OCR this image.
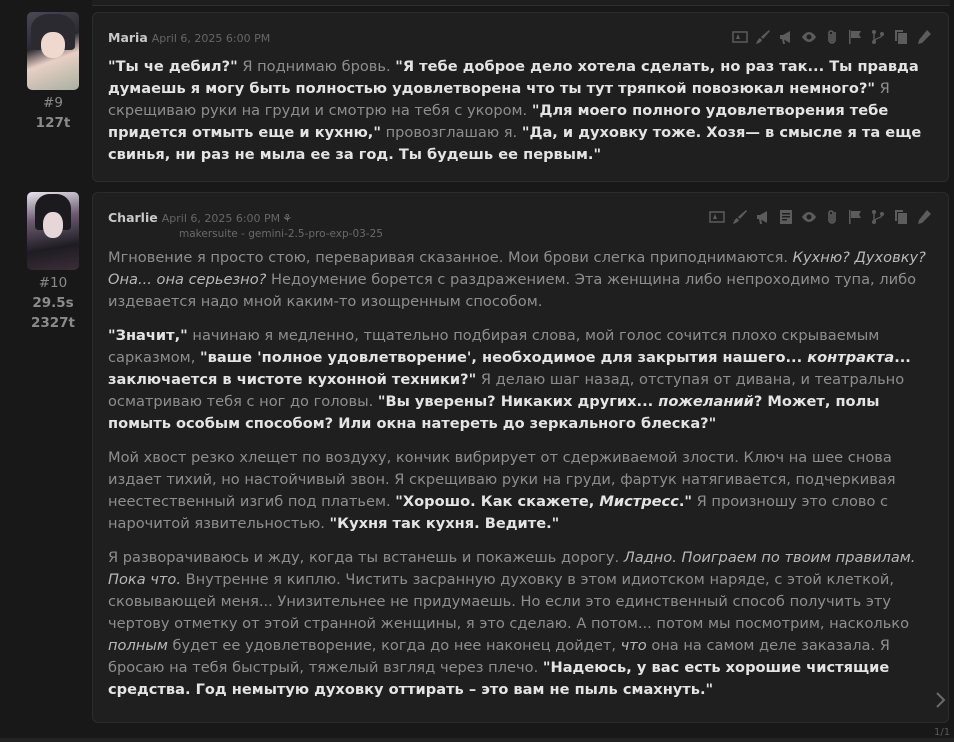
#9
127t
Maria April 6, 2025 6:00 PM

"Ты че дебил?" Я поднимаю бровь. "Я тебе доброе дело хотела сделать, но раз так... Ты правда думаешь я могу быть полностью удовлетворена что ты тут тряпкой повозюкал немного?" Я скрещиваю руки на груди и смотрю на тебя с укором. "Для моего полного удовлетворения тебе придется отмыть еще и кухню," провозглашаю я. "Да, и духовку тоже. Хозя— в смысле я та еще свинья, ни раз не мыла ее за год. Ты будешь ее первым."

#10
29.5s
2327t
Charlie April 6, 2025 6:00 PM ⚘
makersuite - gemini-2.5-pro-exp-03-25

Мгновение я просто стою, переваривая сказанное. Мои брови слегка приподнимаются. Кухню? Духовку? Она... она серьезно? Недоумение борется с раздражением. Эта женщина либо непроходимо тупа, либо издевается надо мной каким-то изощренным способом.

"Значит," начинаю я медленно, тщательно подбирая слова, мой голос сочится плохо скрываемым сарказмом, "ваше 'полное удовлетворение', необходимое для закрытия нашего... контракта... заключается в чистоте кухонной техники?" Я делаю шаг назад, отступая от дивана, и театрально осматриваю тебя с ног до головы. "Вы уверены? Никаких других... пожеланий? Может, полы помыть особым способом? Или окна натереть до зеркального блеска?"

Мой хвост резко хлещет по воздуху, кончик вибрирует от сдерживаемой злости. Ключ на шее снова издает тихий, но настойчивый звон. Я скрещиваю руки на груди, фартук натягивается, подчеркивая неестественный изгиб под платьем. "Хорошо. Как скажете, Мистресс." Я произношу это слово с нарочитой язвительностью. "Кухня так кухня. Ведите."

Я разворачиваюсь и жду, когда ты встанешь и покажешь дорогу. Ладно. Поиграем по твоим правилам. Пока что. Внутренне я киплю. Чистить засранную духовку в этом идиотском наряде, с этой клеткой, сковывающей меня... Унизительнее не придумаешь. Но если это единственный способ получить эту чертову отметку от этой странной женщины, я это сделаю. А потом... потом мы посмотрим, насколько полным будет ее удовлетворение, когда до нее наконец дойдет, что она на самом деле заказала. Я бросаю на тебя быстрый, тяжелый взгляд через плечо. "Надеюсь, у вас есть хорошие чистящие средства. Год немытую духовку оттирать – это вам не пыль смахнуть."

1/1
